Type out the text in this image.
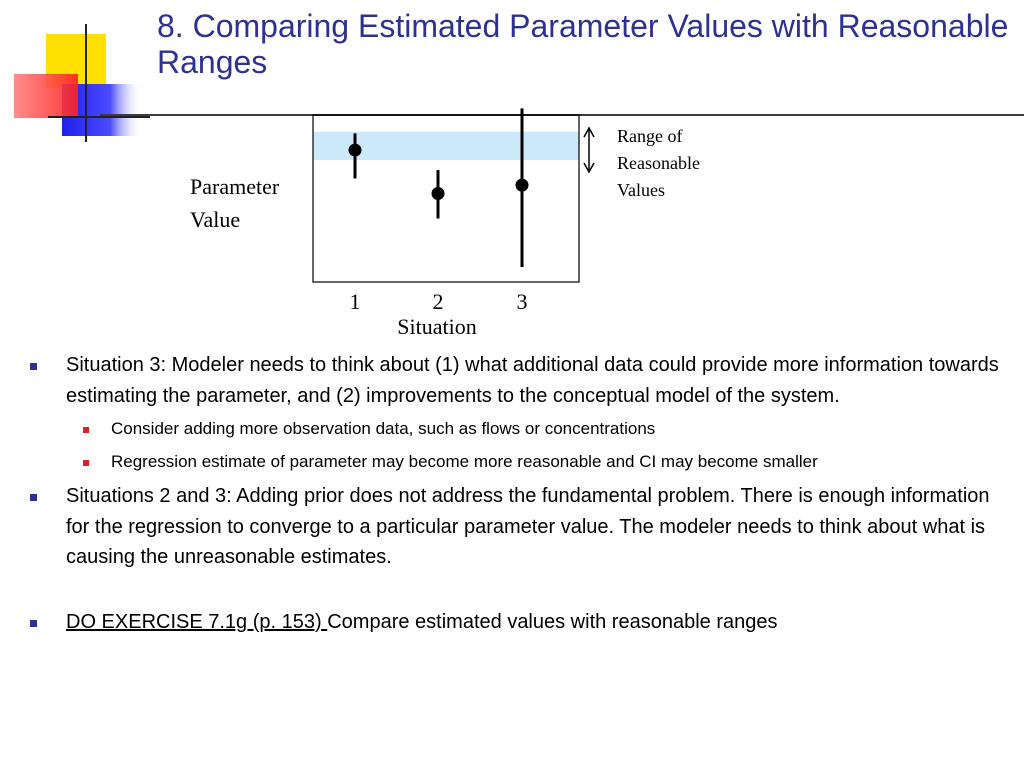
8. Comparing Estimated Parameter Values with Reasonable Ranges
Parameter
Value
1	2	3
Situation
Range of
Reasonable
Values
Situation 3: Modeler needs to think about (1) what additional data could provide more information towards estimating the parameter, and (2) improvements to the conceptual model of the system.
Consider adding more observation data, such as flows or concentrations
Regression estimate of parameter may become more reasonable and CI may become smaller
Situations 2 and 3: Adding prior does not address the fundamental problem. There is enough information for the regression to converge to a particular parameter value. The modeler needs to think about what is causing the unreasonable estimates.
DO EXERCISE 7.1g (p. 153) Compare estimated values with reasonable ranges
